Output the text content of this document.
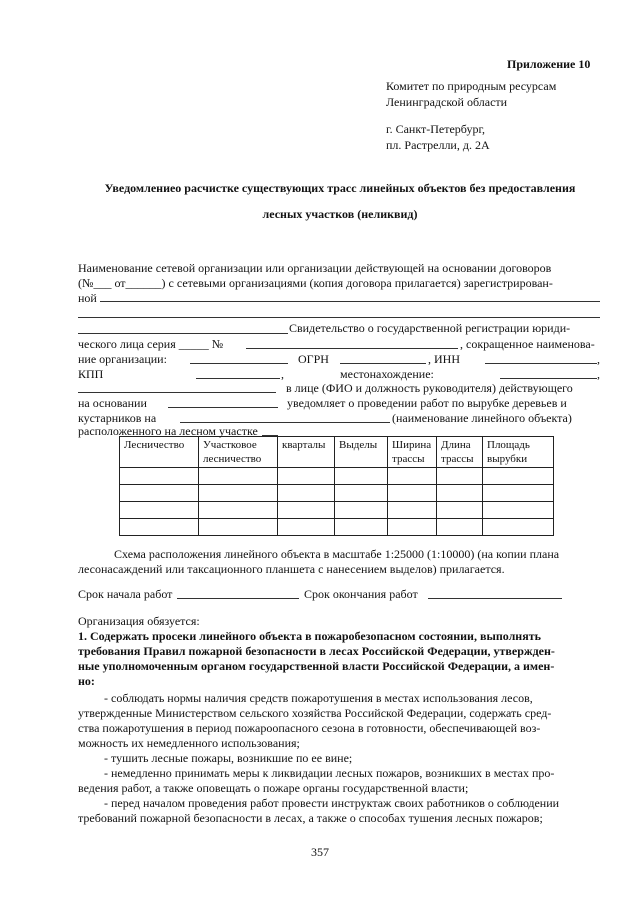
Приложение 10
Комитет по природным ресурсам
Ленинградской области
г. Санкт-Петербург,
пл. Растрелли, д. 2А
Уведомлениео расчистке существующих трасс линейных объектов без предоставления
лесных участков (неликвид)
Наименование сетевой организации или организации действующей на основании договоров
(№___ от______) с сетевыми организациями (копия договора прилагается) зарегистрирован-
ной
Свидетельство о государственной регистрации юриди-
ческого лица серия _____ №	, сокращенное наименова-
ние организации:	ОГРН	, ИНН	,
КПП	,	местонахождение:	,
в лице (ФИО и должность руководителя) действующего
на основании	уведомляет о проведении работ по вырубке деревьев и
кустарников на	(наименование линейного объекта)
расположенного на лесном участке
Лесничество	Участковое лесничество	кварталы	Выделы	Ширина трассы	Длина трассы	Площадь вырубки

Схема расположения линейного объекта в масштабе 1:25000 (1:10000) (на копии плана
лесонасаждений или таксационного планшета с нанесением выделов) прилагается.
Срок начала работ	Срок окончания работ
Организация обязуется:
1. Содержать просеки линейного объекта в пожаробезопасном состоянии, выполнять
требования Правил пожарной безопасности в лесах Российской Федерации, утвержден-
ные уполномоченным органом государственной власти Российской Федерации, а имен-
но:
- соблюдать нормы наличия средств пожаротушения в местах использования лесов,
утвержденные Министерством сельского хозяйства Российской Федерации, содержать сред-
ства пожаротушения в период пожароопасного сезона в готовности, обеспечивающей воз-
можность их немедленного использования;
- тушить лесные пожары, возникшие по ее вине;
- немедленно принимать меры к ликвидации лесных пожаров, возникших в местах про-
ведения работ, а также оповещать о пожаре органы государственной власти;
- перед началом проведения работ провести инструктаж своих работников о соблюдении
требований пожарной безопасности в лесах, а также о способах тушения лесных пожаров;
357
